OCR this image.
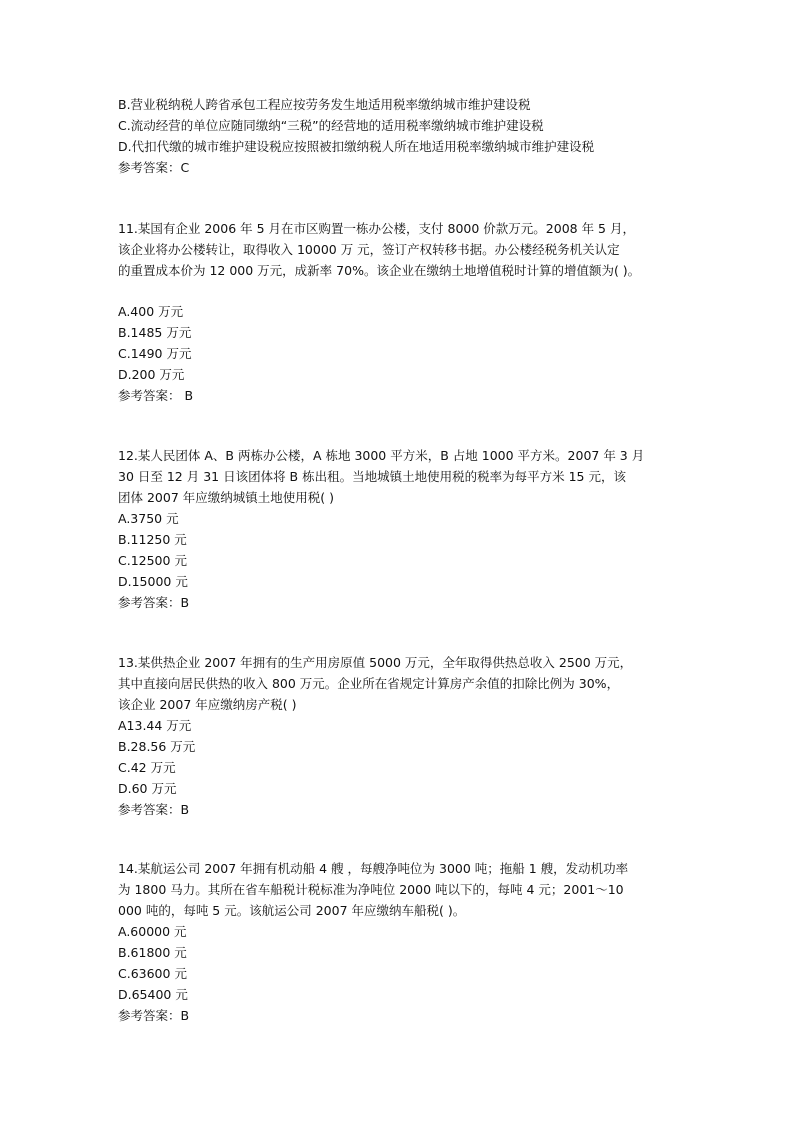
B.营业税纳税人跨省承包工程应按劳务发生地适用税率缴纳城市维护建设税
C.流动经营的单位应随同缴纳“三税”的经营地的适用税率缴纳城市维护建设税
D.代扣代缴的城市维护建设税应按照被扣缴纳税人所在地适用税率缴纳城市维护建设税
参考答案：C
11.某国有企业 2006 年 5 月在市区购置一栋办公楼，支付 8000 价款万元。2008 年 5 月，
该企业将办公楼转让，取得收入 10000 万 元，签订产权转移书据。办公楼经税务机关认定
的重置成本价为 12 000 万元，成新率 70%。该企业在缴纳土地增值税时计算的增值额为( )。
A.400 万元
B.1485 万元
C.1490 万元
D.200 万元
参考答案： B
12.某人民团体 A、B 两栋办公楼，A 栋地 3000 平方米，B 占地 1000 平方米。2007 年 3 月
30 日至 12 月 31 日该团体将 B 栋出租。当地城镇土地使用税的税率为每平方米 15 元，该
团体 2007 年应缴纳城镇土地使用税( )
A.3750 元
B.11250 元
C.12500 元
D.15000 元
参考答案：B
13.某供热企业 2007 年拥有的生产用房原值 5000 万元，全年取得供热总收入 2500 万元，
其中直接向居民供热的收入 800 万元。企业所在省规定计算房产余值的扣除比例为 30%，
该企业 2007 年应缴纳房产税( )
A13.44 万元
B.28.56 万元
C.42 万元
D.60 万元
参考答案：B
14.某航运公司 2007 年拥有机动船 4 艘 ，每艘净吨位为 3000 吨；拖船 1 艘，发动机功率
为 1800 马力。其所在省车船税计税标准为净吨位 2000 吨以下的，每吨 4 元；2001～10
000 吨的，每吨 5 元。该航运公司 2007 年应缴纳车船税( )。
A.60000 元
B.61800 元
C.63600 元
D.65400 元
参考答案：B
